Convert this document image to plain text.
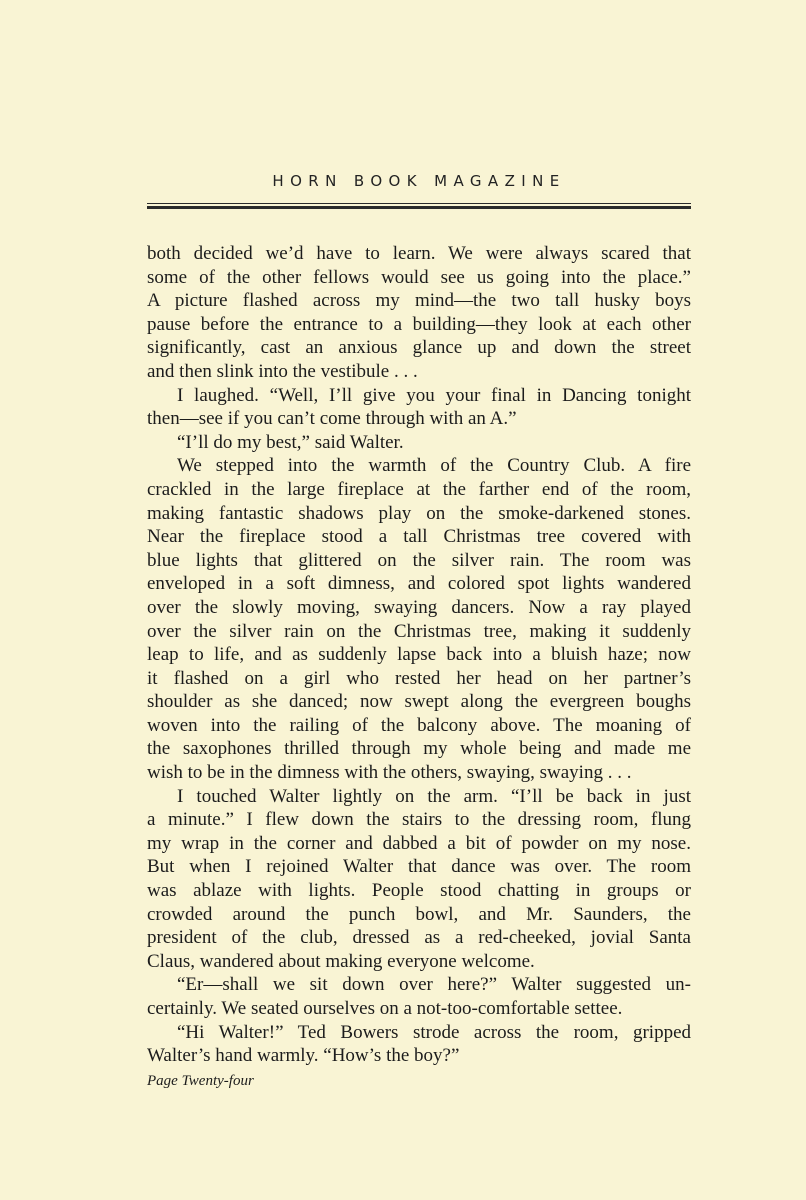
HORN BOOK MAGAZINE
both decided we’d have to learn. We were always scared that
some of the other fellows would see us going into the place.”
A picture flashed across my mind—the two tall husky boys
pause before the entrance to a building—they look at each other
significantly, cast an anxious glance up and down the street
and then slink into the vestibule . . .
I laughed. “Well, I’ll give you your final in Dancing tonight
then—see if you can’t come through with an A.”
“I’ll do my best,” said Walter.
We stepped into the warmth of the Country Club. A fire
crackled in the large fireplace at the farther end of the room,
making fantastic shadows play on the smoke-darkened stones.
Near the fireplace stood a tall Christmas tree covered with
blue lights that glittered on the silver rain. The room was
enveloped in a soft dimness, and colored spot lights wandered
over the slowly moving, swaying dancers. Now a ray played
over the silver rain on the Christmas tree, making it suddenly
leap to life, and as suddenly lapse back into a bluish haze; now
it flashed on a girl who rested her head on her partner’s
shoulder as she danced; now swept along the evergreen boughs
woven into the railing of the balcony above. The moaning of
the saxophones thrilled through my whole being and made me
wish to be in the dimness with the others, swaying, swaying . . .
I touched Walter lightly on the arm. “I’ll be back in just
a minute.” I flew down the stairs to the dressing room, flung
my wrap in the corner and dabbed a bit of powder on my nose.
But when I rejoined Walter that dance was over. The room
was ablaze with lights. People stood chatting in groups or
crowded around the punch bowl, and Mr. Saunders, the
president of the club, dressed as a red-cheeked, jovial Santa
Claus, wandered about making everyone welcome.
“Er—shall we sit down over here?” Walter suggested un-
certainly. We seated ourselves on a not-too-comfortable settee.
“Hi Walter!” Ted Bowers strode across the room, gripped
Walter’s hand warmly. “How’s the boy?”
Page Twenty-four
